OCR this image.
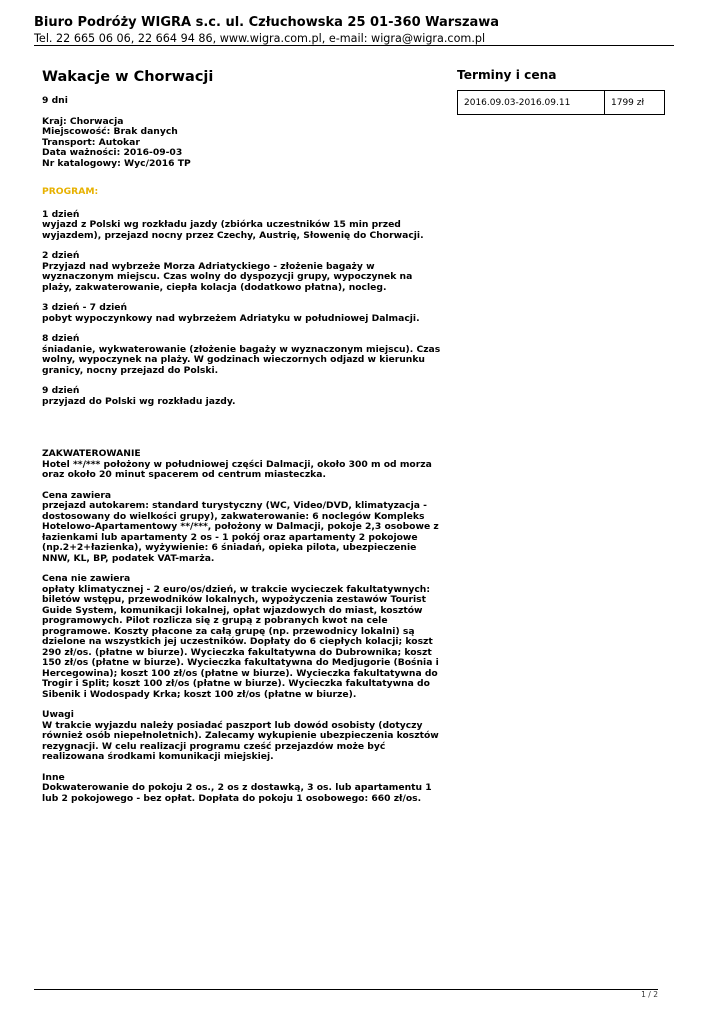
Biuro Podróży WIGRA s.c. ul. Człuchowska 25 01-360 Warszawa
Tel. 22 665 06 06, 22 664 94 86, www.wigra.com.pl, e-mail: wigra@wigra.com.pl
Wakacje w Chorwacji
9 dni
Kraj: Chorwacja
Miejscowość: Brak danych
Transport: Autokar
Data ważności: 2016-09-03
Nr katalogowy: Wyc/2016 TP
PROGRAM:
1 dzień
wyjazd z Polski wg rozkładu jazdy (zbiórka uczestników 15 min przed wyjazdem), przejazd nocny przez Czechy, Austrię, Słowenię do Chorwacji.
2 dzień
Przyjazd nad wybrzeże Morza Adriatyckiego - złożenie bagaży w wyznaczonym miejscu. Czas wolny do dyspozycji grupy, wypoczynek na plaży, zakwaterowanie, ciepła kolacja (dodatkowo płatna), nocleg.
3 dzień - 7 dzień
pobyt wypoczynkowy nad wybrzeżem Adriatyku w południowej Dalmacji.
8 dzień
śniadanie, wykwaterowanie (złożenie bagaży w wyznaczonym miejscu). Czas wolny, wypoczynek na plaży. W godzinach wieczornych odjazd w kierunku granicy, nocny przejazd do Polski.
9 dzień
przyjazd do Polski wg rozkładu jazdy.
ZAKWATEROWANIE
Hotel **/*** położony w południowej części Dalmacji, około 300 m od morza oraz około 20 minut spacerem od centrum miasteczka.
Cena zawiera
przejazd autokarem: standard turystyczny (WC, Video/DVD, klimatyzacja - dostosowany do wielkości grupy), zakwaterowanie: 6 noclegów Kompleks Hotelowo-Apartamentowy **/***, położony w Dalmacji, pokoje 2,3 osobowe z łazienkami lub apartamenty 2 os - 1 pokój oraz apartamenty 2 pokojowe (np.2+2+łazienka), wyżywienie: 6 śniadań, opieka pilota, ubezpieczenie NNW, KL, BP, podatek VAT-marża.
Cena nie zawiera
opłaty klimatycznej - 2 euro/os/dzień, w trakcie wycieczek fakultatywnych: biletów wstępu, przewodników lokalnych, wypożyczenia zestawów Tourist Guide System, komunikacji lokalnej, opłat wjazdowych do miast, kosztów programowych. Pilot rozlicza się z grupą z pobranych kwot na cele programowe. Koszty płacone za całą grupę (np. przewodnicy lokalni) są dzielone na wszystkich jej uczestników. Dopłaty do 6 ciepłych kolacji; koszt 290 zł/os. (płatne w biurze). Wycieczka fakultatywna do Dubrownika; koszt 150 zł/os (płatne w biurze). Wycieczka fakultatywna do Medjugorie (Bośnia i Hercegowina); koszt 100 zł/os (płatne w biurze). Wycieczka fakultatywna do Trogir i Split; koszt 100 zł/os (płatne w biurze). Wycieczka fakultatywna do Sibenik i Wodospady Krka; koszt 100 zł/os (płatne w biurze).
Uwagi
W trakcie wyjazdu należy posiadać paszport lub dowód osobisty (dotyczy również osób niepełnoletnich). Zalecamy wykupienie ubezpieczenia kosztów rezygnacji. W celu realizacji programu cześć przejazdów może być realizowana środkami komunikacji miejskiej.
Inne
Dokwaterowanie do pokoju 2 os., 2 os z dostawką, 3 os. lub apartamentu 1 lub 2 pokojowego - bez opłat. Dopłata do pokoju 1 osobowego: 660 zł/os.
Terminy i cena
2016.09.03-2016.09.11	1799 zł
1 / 2
